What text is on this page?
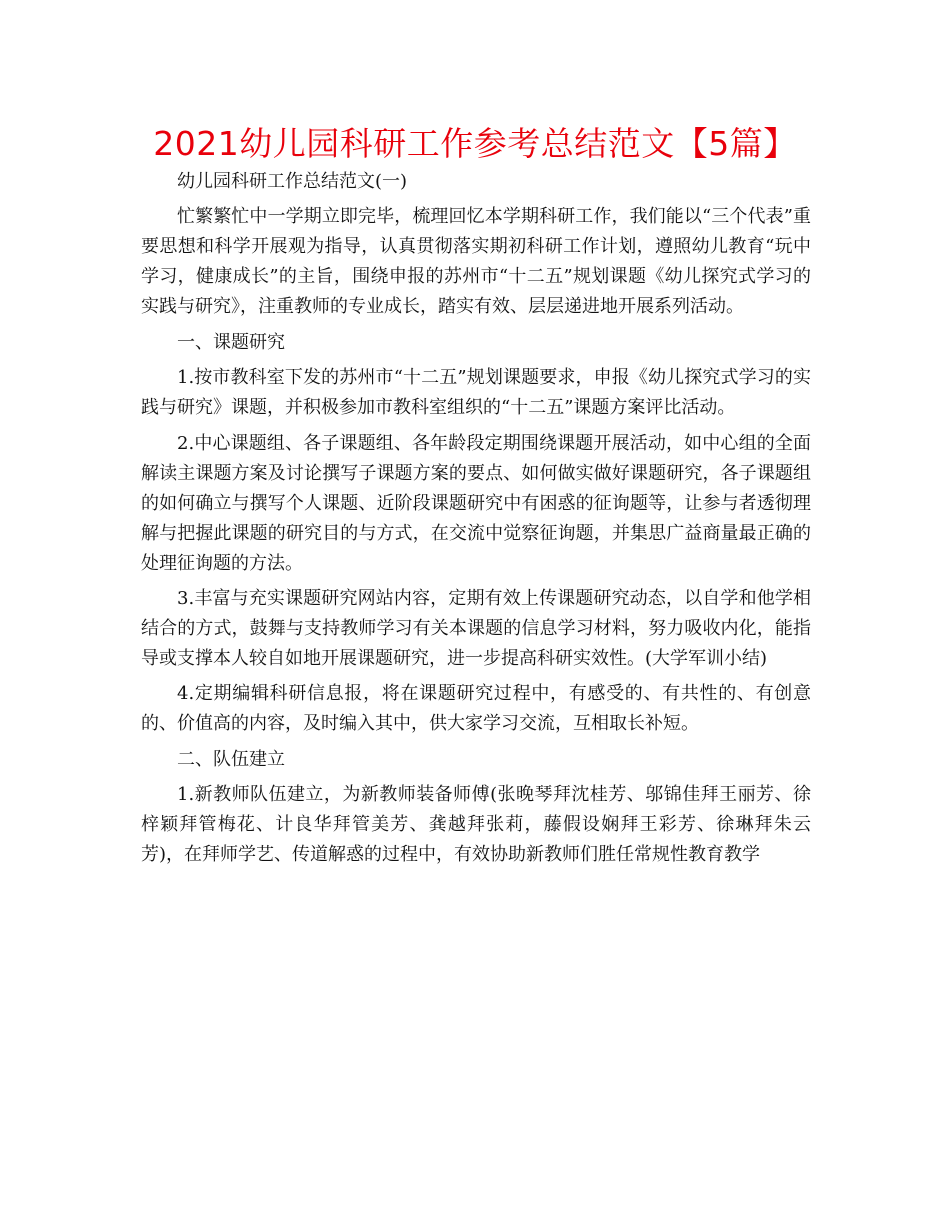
2021幼儿园科研工作参考总结范文【5篇】

幼儿园科研工作总结范文(一)

忙繁繁忙中一学期立即完毕，梳理回忆本学期科研工作，我们能以“三个代表”重要思想和科学开展观为指导，认真贯彻落实期初科研工作计划，遵照幼儿教育“玩中学习，健康成长”的主旨，围绕申报的苏州市“十二五”规划课题《幼儿探究式学习的实践与研究》，注重教师的专业成长，踏实有效、层层递进地开展系列活动。

一、课题研究

1.按市教科室下发的苏州市“十二五”规划课题要求，申报《幼儿探究式学习的实践与研究》课题，并积极参加市教科室组织的“十二五”课题方案评比活动。

2.中心课题组、各子课题组、各年龄段定期围绕课题开展活动，如中心组的全面解读主课题方案及讨论撰写子课题方案的要点、如何做实做好课题研究，各子课题组的如何确立与撰写个人课题、近阶段课题研究中有困惑的征询题等，让参与者透彻理解与把握此课题的研究目的与方式，在交流中觉察征询题，并集思广益商量最正确的处理征询题的方法。

3.丰富与充实课题研究网站内容，定期有效上传课题研究动态，以自学和他学相结合的方式，鼓舞与支持教师学习有关本课题的信息学习材料，努力吸收内化，能指导或支撑本人较自如地开展课题研究，进一步提高科研实效性。(大学军训小结)

4.定期编辑科研信息报，将在课题研究过程中，有感受的、有共性的、有创意的、价值高的内容，及时编入其中，供大家学习交流，互相取长补短。

二、队伍建立

1.新教师队伍建立，为新教师装备师傅(张晚琴拜沈桂芳、邬锦佳拜王丽芳、徐梓颖拜管梅花、计良华拜管美芳、龚越拜张莉，藤假设娴拜王彩芳、徐琳拜朱云芳)，在拜师学艺、传道解惑的过程中，有效协助新教师们胜任常规性教育教学
